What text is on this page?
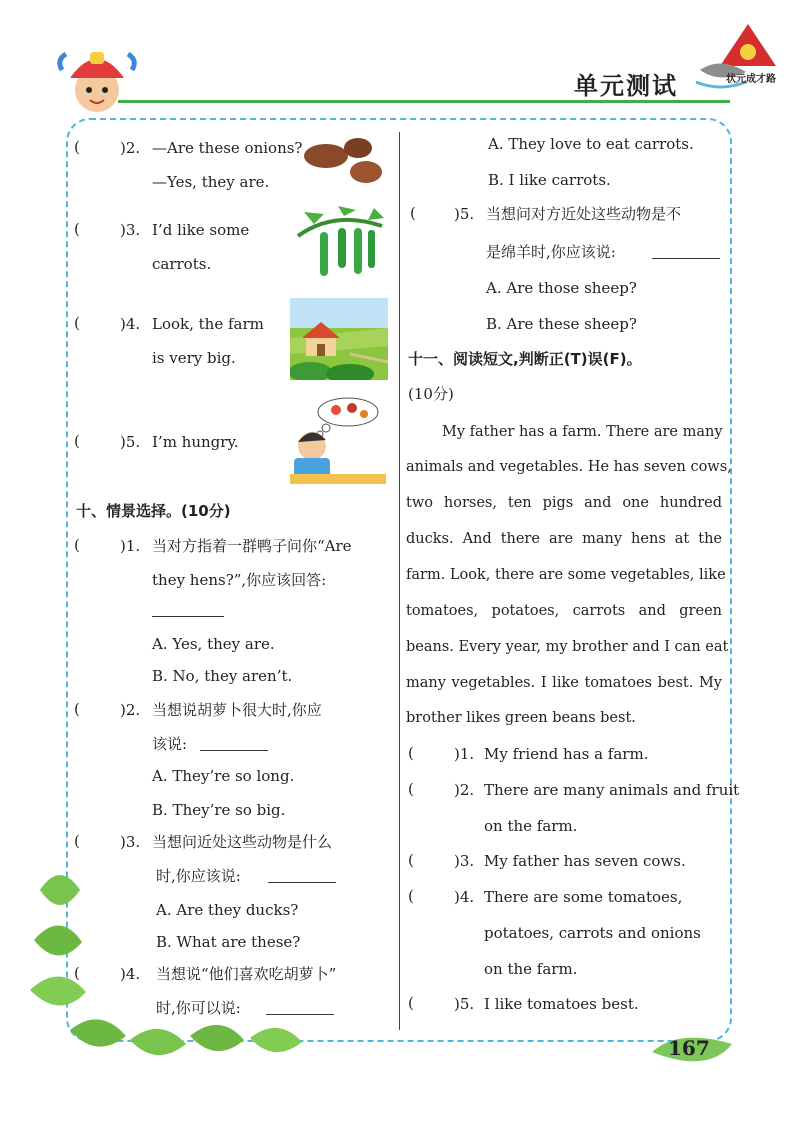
单元测试	状元成才路
(	)2. —Are these onions?
—Yes, they are.
(	)3. I’d like some
carrots.
(	)4. Look, the farm
is very big.
(	)5. I’m hungry.
十、情景选择。(10分)
(	)1. 当对方指着一群鸭子问你“Are
they hens?”,你应该回答:
A. Yes, they are.
B. No, they aren’t.
(	)2. 当想说胡萝卜很大时,你应
该说:
A. They’re so long.
B. They’re so big.
(	)3. 当想问近处这些动物是什么
时,你应该说:
A. Are they ducks?
B. What are these?
(	)4. 当想说“他们喜欢吃胡萝卜”
时,你可以说:
A. They love to eat carrots.
B. I like carrots.
(	)5. 当想问对方近处这些动物是不
是绵羊时,你应该说:
A. Are those sheep?
B. Are these sheep?
十一、阅读短文,判断正(T)误(F)。
(10分)
My father has a farm. There are many
animals and vegetables. He has seven cows,
two horses, ten pigs and one hundred
ducks. And there are many hens at the
farm. Look, there are some vegetables, like
tomatoes, potatoes, carrots and green
beans. Every year, my brother and I can eat
many vegetables. I like tomatoes best. My
brother likes green beans best.
(	)1. My friend has a farm.
(	)2. There are many animals and fruit
on the farm.
(	)3. My father has seven cows.
(	)4. There are some tomatoes,
potatoes, carrots and onions
on the farm.
(	)5. I like tomatoes best.
167
